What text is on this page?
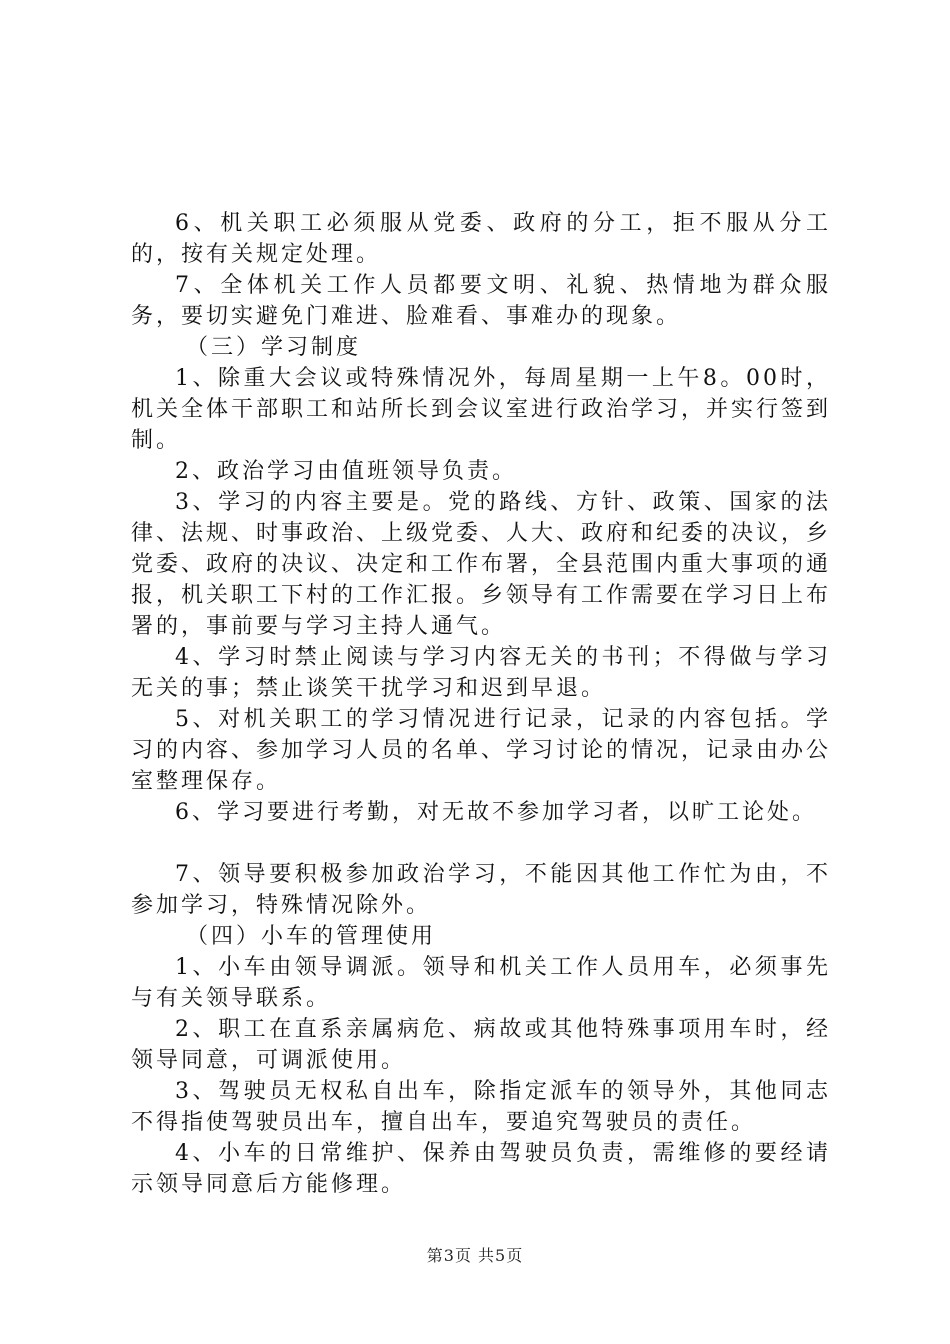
6、机关职工必须服从党委、政府的分工，拒不服从分工的，按有关规定处理。

7、全体机关工作人员都要文明、礼貌、热情地为群众服务，要切实避免门难进、脸难看、事难办的现象。

（三）学习制度

1、除重大会议或特殊情况外，每周星期一上午8。00时，机关全体干部职工和站所长到会议室进行政治学习，并实行签到制。

2、政治学习由值班领导负责。

3、学习的内容主要是。党的路线、方针、政策、国家的法律、法规、时事政治、上级党委、人大、政府和纪委的决议，乡党委、政府的决议、决定和工作布署，全县范围内重大事项的通报，机关职工下村的工作汇报。乡领导有工作需要在学习日上布署的，事前要与学习主持人通气。

4、学习时禁止阅读与学习内容无关的书刊；不得做与学习无关的事；禁止谈笑干扰学习和迟到早退。

5、对机关职工的学习情况进行记录，记录的内容包括。学习的内容、参加学习人员的名单、学习讨论的情况，记录由办公室整理保存。

6、学习要进行考勤，对无故不参加学习者，以旷工论处。

7、领导要积极参加政治学习，不能因其他工作忙为由，不参加学习，特殊情况除外。

（四）小车的管理使用

1、小车由领导调派。领导和机关工作人员用车，必须事先与有关领导联系。

2、职工在直系亲属病危、病故或其他特殊事项用车时，经领导同意，可调派使用。

3、驾驶员无权私自出车，除指定派车的领导外，其他同志不得指使驾驶员出车，擅自出车，要追究驾驶员的责任。

4、小车的日常维护、保养由驾驶员负责，需维修的要经请示领导同意后方能修理。

第3页 共5页
